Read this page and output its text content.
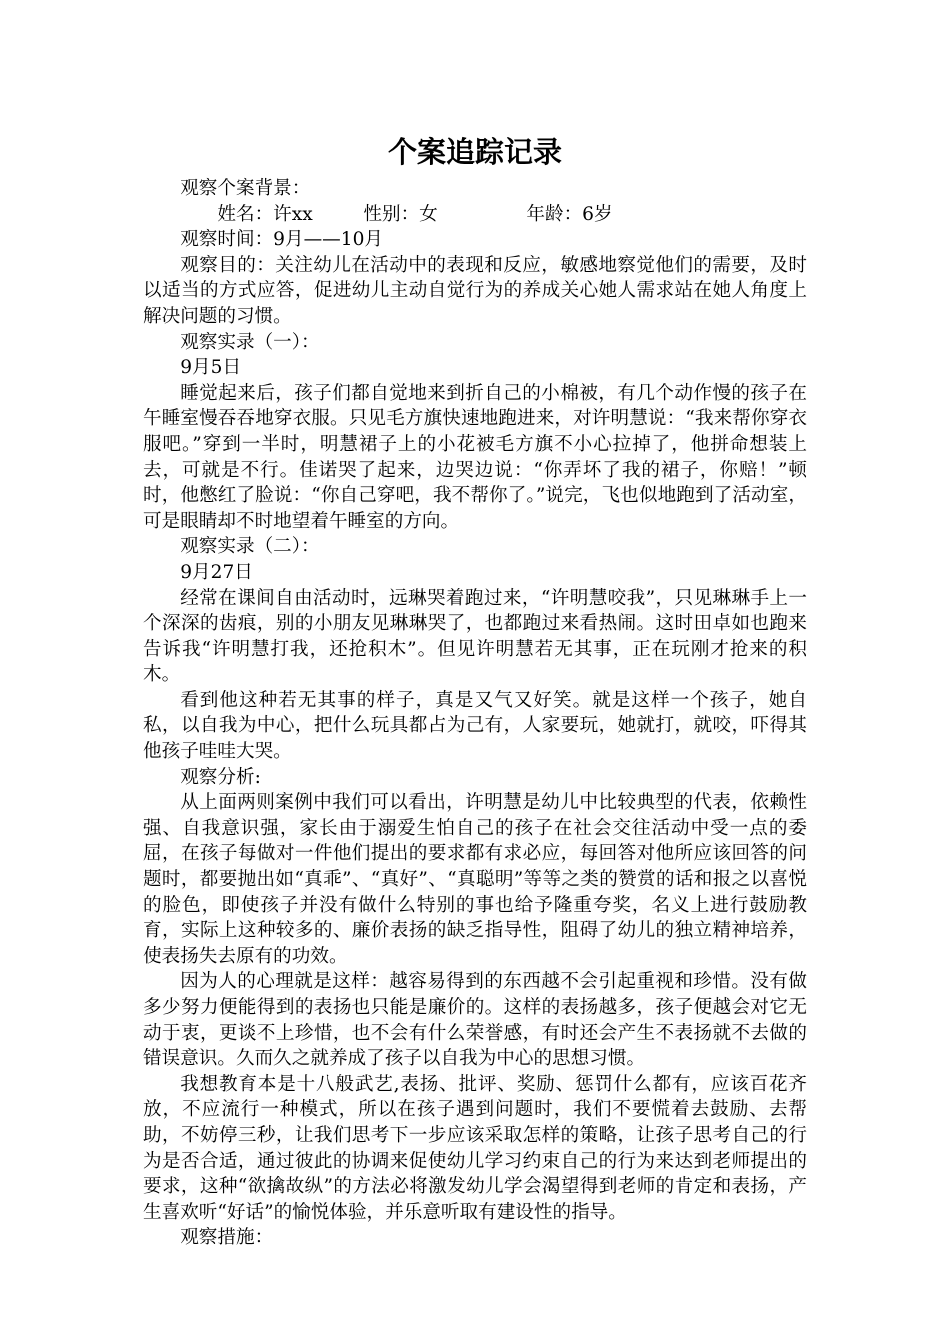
个案追踪记录

观察个案背景：

姓名：许xx	性别：女	年龄：6岁

观察时间：9月——10月

观察目的：关注幼儿在活动中的表现和反应，敏感地察觉他们的需要，及时以适当的方式应答，促进幼儿主动自觉行为的养成关心她人需求站在她人角度上解决问题的习惯。

观察实录（一）：

9月5日

睡觉起来后，孩子们都自觉地来到折自己的小棉被，有几个动作慢的孩子在午睡室慢吞吞地穿衣服。只见毛方旗快速地跑进来，对许明慧说：“我来帮你穿衣服吧。”穿到一半时，明慧裙子上的小花被毛方旗不小心拉掉了，他拼命想装上去，可就是不行。佳诺哭了起来，边哭边说：“你弄坏了我的裙子，你赔！”顿时，他憋红了脸说：“你自己穿吧，我不帮你了。”说完，飞也似地跑到了活动室，可是眼睛却不时地望着午睡室的方向。

观察实录（二）：

9月27日

经常在课间自由活动时，远琳哭着跑过来，“许明慧咬我”，只见琳琳手上一个深深的齿痕，别的小朋友见琳琳哭了，也都跑过来看热闹。这时田卓如也跑来告诉我“许明慧打我，还抢积木”。但见许明慧若无其事，正在玩刚才抢来的积木。

看到他这种若无其事的样子，真是又气又好笑。就是这样一个孩子，她自私，以自我为中心，把什么玩具都占为己有，人家要玩，她就打，就咬，吓得其他孩子哇哇大哭。

观察分析:

从上面两则案例中我们可以看出，许明慧是幼儿中比较典型的代表，依赖性强、自我意识强，家长由于溺爱生怕自己的孩子在社会交往活动中受一点的委屈，在孩子每做对一件他们提出的要求都有求必应，每回答对他所应该回答的问题时，都要抛出如“真乖”、“真好”、“真聪明”等等之类的赞赏的话和报之以喜悦的脸色，即使孩子并没有做什么特别的事也给予隆重夸奖，名义上进行鼓励教育，实际上这种较多的、廉价表扬的缺乏指导性，阻碍了幼儿的独立精神培养，使表扬失去原有的功效。

因为人的心理就是这样：越容易得到的东西越不会引起重视和珍惜。没有做多少努力便能得到的表扬也只能是廉价的。这样的表扬越多，孩子便越会对它无动于衷，更谈不上珍惜，也不会有什么荣誉感，有时还会产生不表扬就不去做的错误意识。久而久之就养成了孩子以自我为中心的思想习惯。

我想教育本是十八般武艺,表扬、批评、奖励、惩罚什么都有，应该百花齐放，不应流行一种模式，所以在孩子遇到问题时，我们不要慌着去鼓励、去帮助，不妨停三秒，让我们思考下一步应该采取怎样的策略，让孩子思考自己的行为是否合适，通过彼此的协调来促使幼儿学习约束自己的行为来达到老师提出的要求，这种“欲擒故纵”的方法必将激发幼儿学会渴望得到老师的肯定和表扬，产生喜欢听“好话”的愉悦体验，并乐意听取有建设性的指导。

观察措施：
